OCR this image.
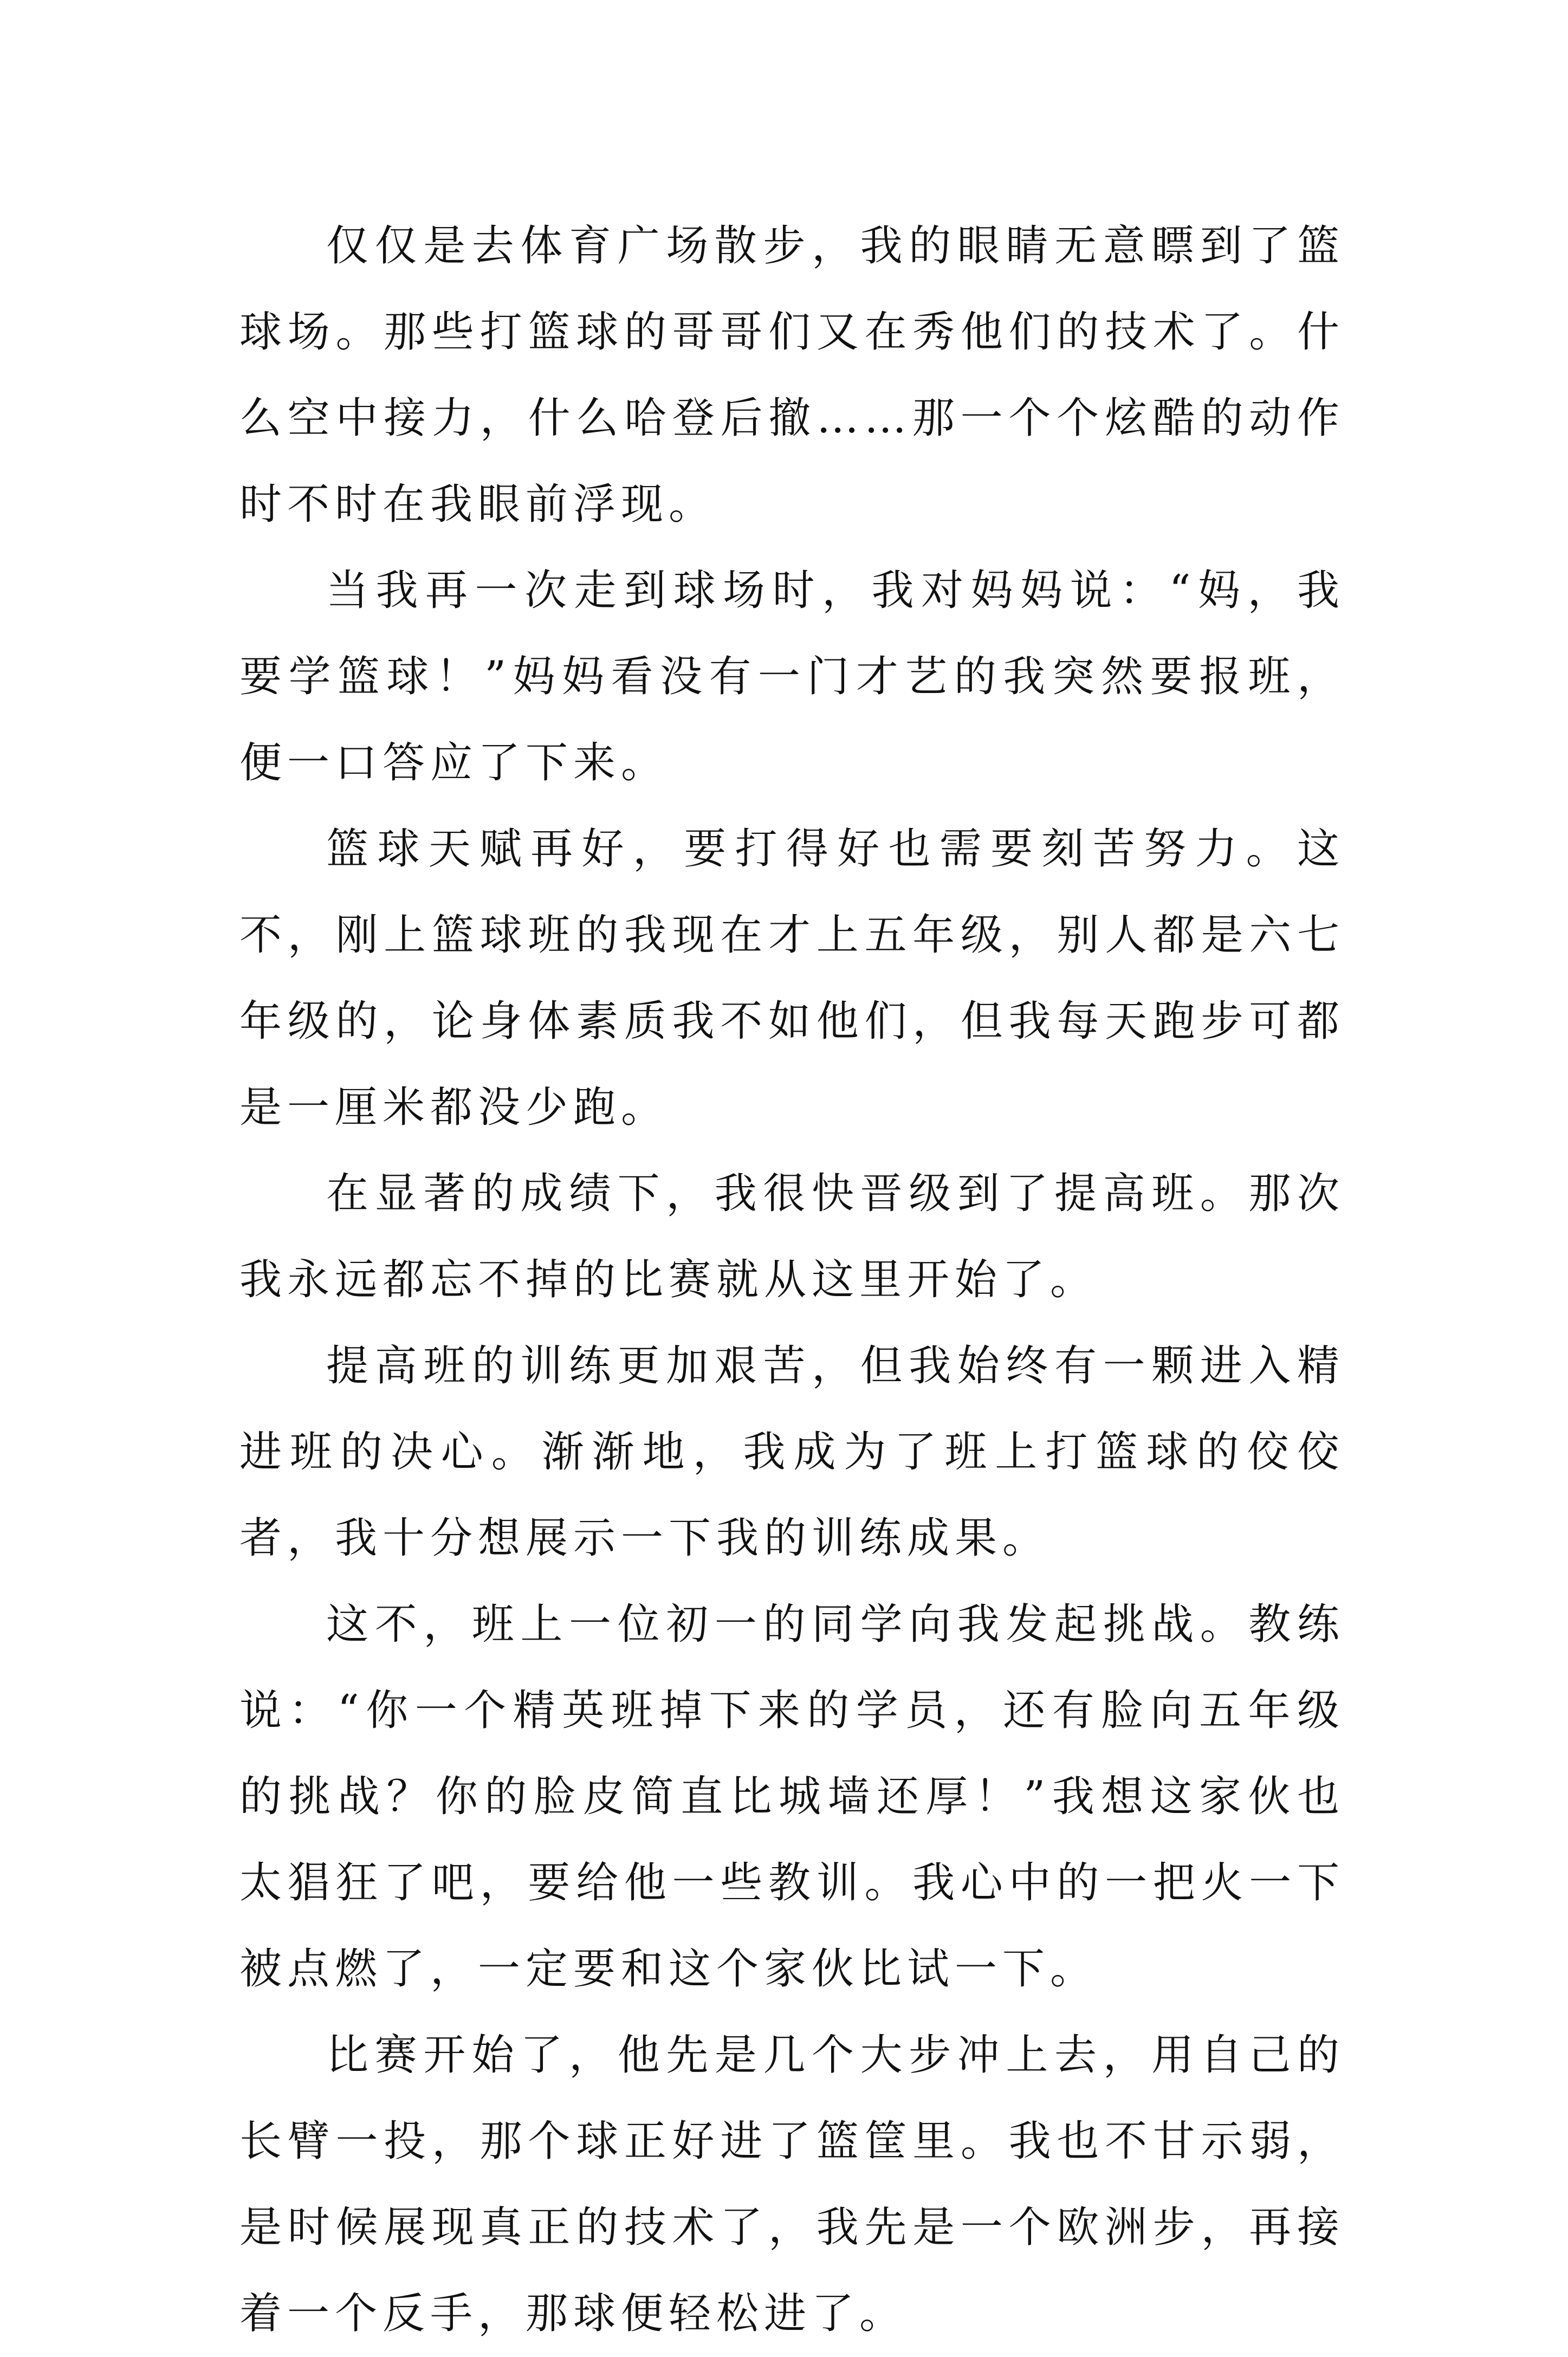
仅仅是去体育广场散步，我的眼睛无意瞟到了篮球场。那些打篮球的哥哥们又在秀他们的技术了。什么空中接力，什么哈登后撤……那一个个炫酷的动作时不时在我眼前浮现。

当我再一次走到球场时，我对妈妈说：“妈，我要学篮球！”妈妈看没有一门才艺的我突然要报班，便一口答应了下来。

篮球天赋再好，要打得好也需要刻苦努力。这不，刚上篮球班的我现在才上五年级，别人都是六七年级的，论身体素质我不如他们，但我每天跑步可都是一厘米都没少跑。

在显著的成绩下，我很快晋级到了提高班。那次我永远都忘不掉的比赛就从这里开始了。

提高班的训练更加艰苦，但我始终有一颗进入精进班的决心。渐渐地，我成为了班上打篮球的佼佼者，我十分想展示一下我的训练成果。

这不，班上一位初一的同学向我发起挑战。教练说：“你一个精英班掉下来的学员，还有脸向五年级的挑战？你的脸皮简直比城墙还厚！”我想这家伙也太猖狂了吧，要给他一些教训。我心中的一把火一下被点燃了，一定要和这个家伙比试一下。

比赛开始了，他先是几个大步冲上去，用自己的长臂一投，那个球正好进了篮筐里。我也不甘示弱，是时候展现真正的技术了，我先是一个欧洲步，再接着一个反手，那球便轻松进了。
